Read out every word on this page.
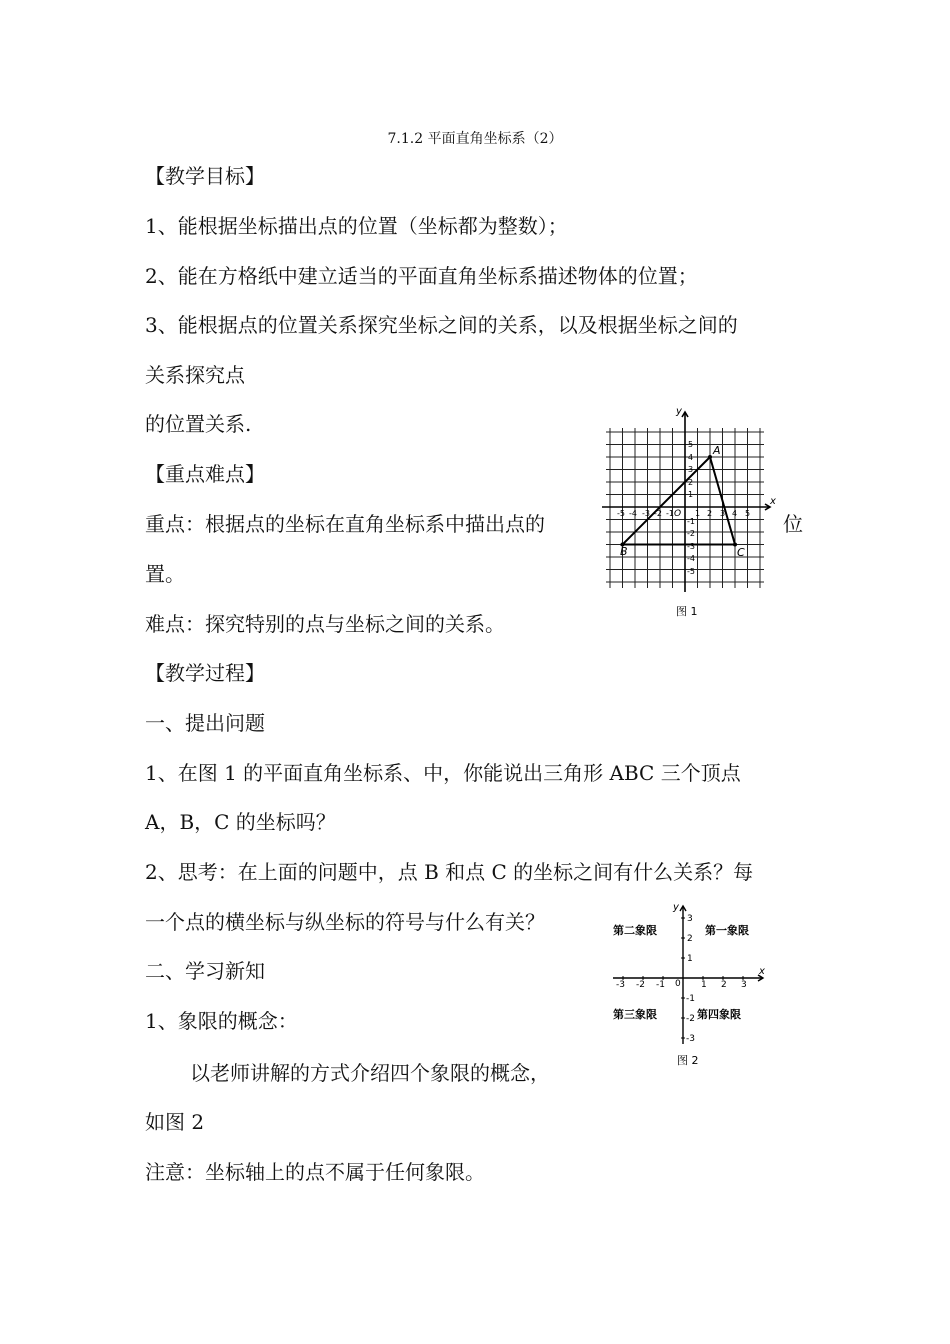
7.1.2 平面直角坐标系（2）
【教学目标】
1、能根据坐标描出点的位置（坐标都为整数）；
2、能在方格纸中建立适当的平面直角坐标系描述物体的位置；
3、能根据点的位置关系探究坐标之间的关系，以及根据坐标之间的
关系探究点
的位置关系.
【重点难点】
重点：根据点的坐标在直角坐标系中描出点的	位
置。
难点：探究特别的点与坐标之间的关系。
【教学过程】
一、提出问题
1、在图 1 的平面直角坐标系、中，你能说出三角形 ABC 三个顶点
A，B，C 的坐标吗？
2、思考：在上面的问题中，点 B 和点 C 的坐标之间有什么关系？每
一个点的横坐标与纵坐标的符号与什么有关？
二、学习新知
1、象限的概念：
以老师讲解的方式介绍四个象限的概念，
如图 2
注意：坐标轴上的点不属于任何象限。
x
y
O
-5 -4 -3 -2 -1	1 2 3 4 5
1
2
3
4
5
-1
-2
-3
-4
-5
A
B	C
图 1
x
y
0
-3 -2 -1	1 2 3
3
2
1
-1
-2
-3
第一象限
第二象限
第三象限	第四象限
图 2
